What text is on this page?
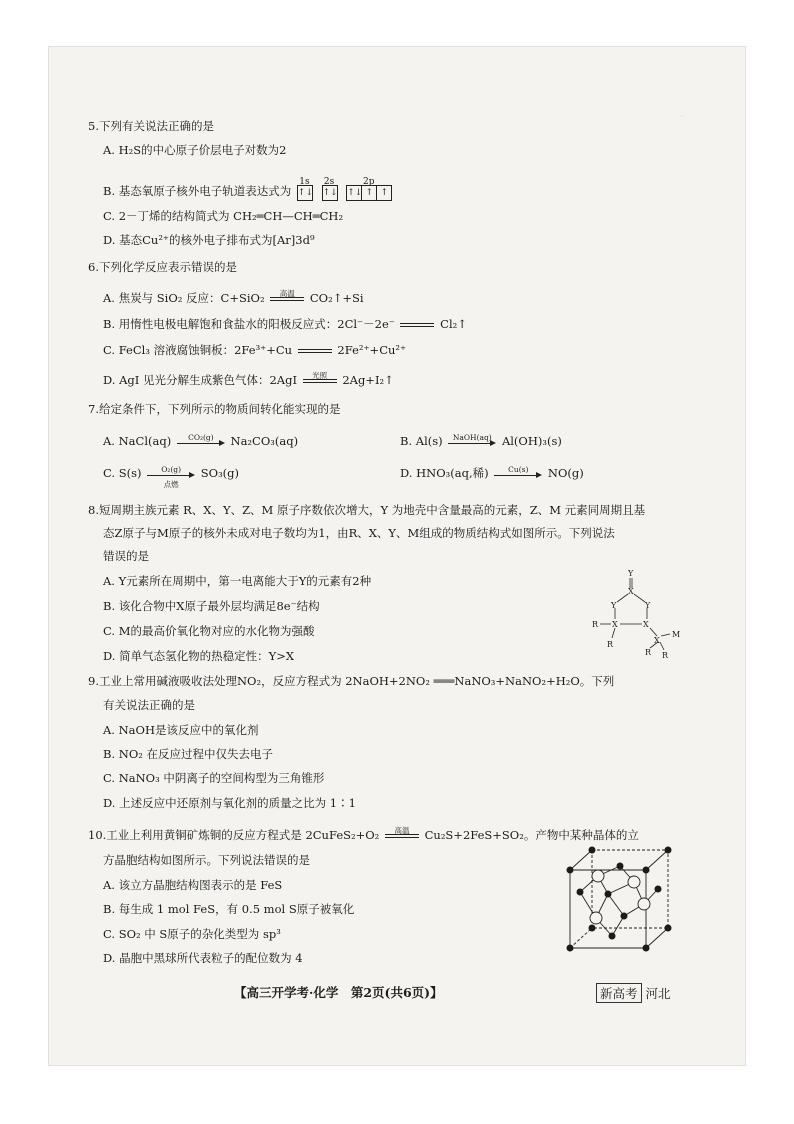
·
5.下列有关说法正确的是
A. H₂S的中心原子价层电子对数为2
B. 基态氧原子核外电子轨道表达式为
1s
↑↓
2s
↑↓
2p
↑↓ ↑ ↑
C. 2－丁烯的结构简式为 CH₂═CH—CH═CH₂
D. 基态Cu²⁺的核外电子排布式为[Ar]3d⁹
6.下列化学反应表示错误的是
A. 焦炭与 SiO₂ 反应：C+SiO₂	高温	CO₂↑+Si
B. 用惰性电极电解饱和食盐水的阳极反应式：2Cl⁻－2e⁻	Cl₂↑
C. FeCl₃ 溶液腐蚀铜板：2Fe³⁺+Cu	2Fe²⁺+Cu²⁺
D. AgI 见光分解生成紫色气体：2AgI	光照	2Ag+I₂↑
7.给定条件下，下列所示的物质间转化能实现的是
A. NaCl(aq)	CO₂(g)	Na₂CO₃(aq)	B. Al(s)	NaOH(aq) Al(OH)₃(s)
C. S(s)	O₂(g)
点燃
SO₃(g)	D. HNO₃(aq,稀)	Cu(s)	NO(g)
8.短周期主族元素 R、X、Y、Z、M 原子序数依次增大，Y 为地壳中含量最高的元素，Z、M 元素同周期且基
态Z原子与M原子的核外未成对电子数均为1，由R、X、Y、M组成的物质结构式如图所示。下列说法
错误的是
A. Y元素所在周期中，第一电离能大于Y的元素有2种
B. 该化合物中X原子最外层均满足8e⁻结构
C. M的最高价氧化物对应的水化物为强酸
D. 简单气态氢化物的热稳定性：Y>X
Y
X
Y	Y
X	X
R
R	X
M
R R
9.工业上常用碱液吸收法处理NO₂，反应方程式为 2NaOH+2NO₂ ═══NaNO₃+NaNO₂+H₂O。下列
有关说法正确的是
A. NaOH是该反应中的氧化剂
B. NO₂ 在反应过程中仅失去电子
C. NaNO₃ 中阴离子的空间构型为三角锥形
D. 上述反应中还原剂与氧化剂的质量之比为 1∶1
10.工业上利用黄铜矿炼铜的反应方程式是 2CuFeS₂+O₂	高温	Cu₂S+2FeS+SO₂。产物中某种晶体的立
方晶胞结构如图所示。下列说法错误的是
A. 该立方晶胞结构图表示的是 FeS
B. 每生成 1 mol FeS，有 0.5 mol S原子被氧化
C. SO₂ 中 S原子的杂化类型为 sp³
D. 晶胞中黑球所代表粒子的配位数为 4
【高三开学考·化学　第2页(共6页)】	新高考 河北
